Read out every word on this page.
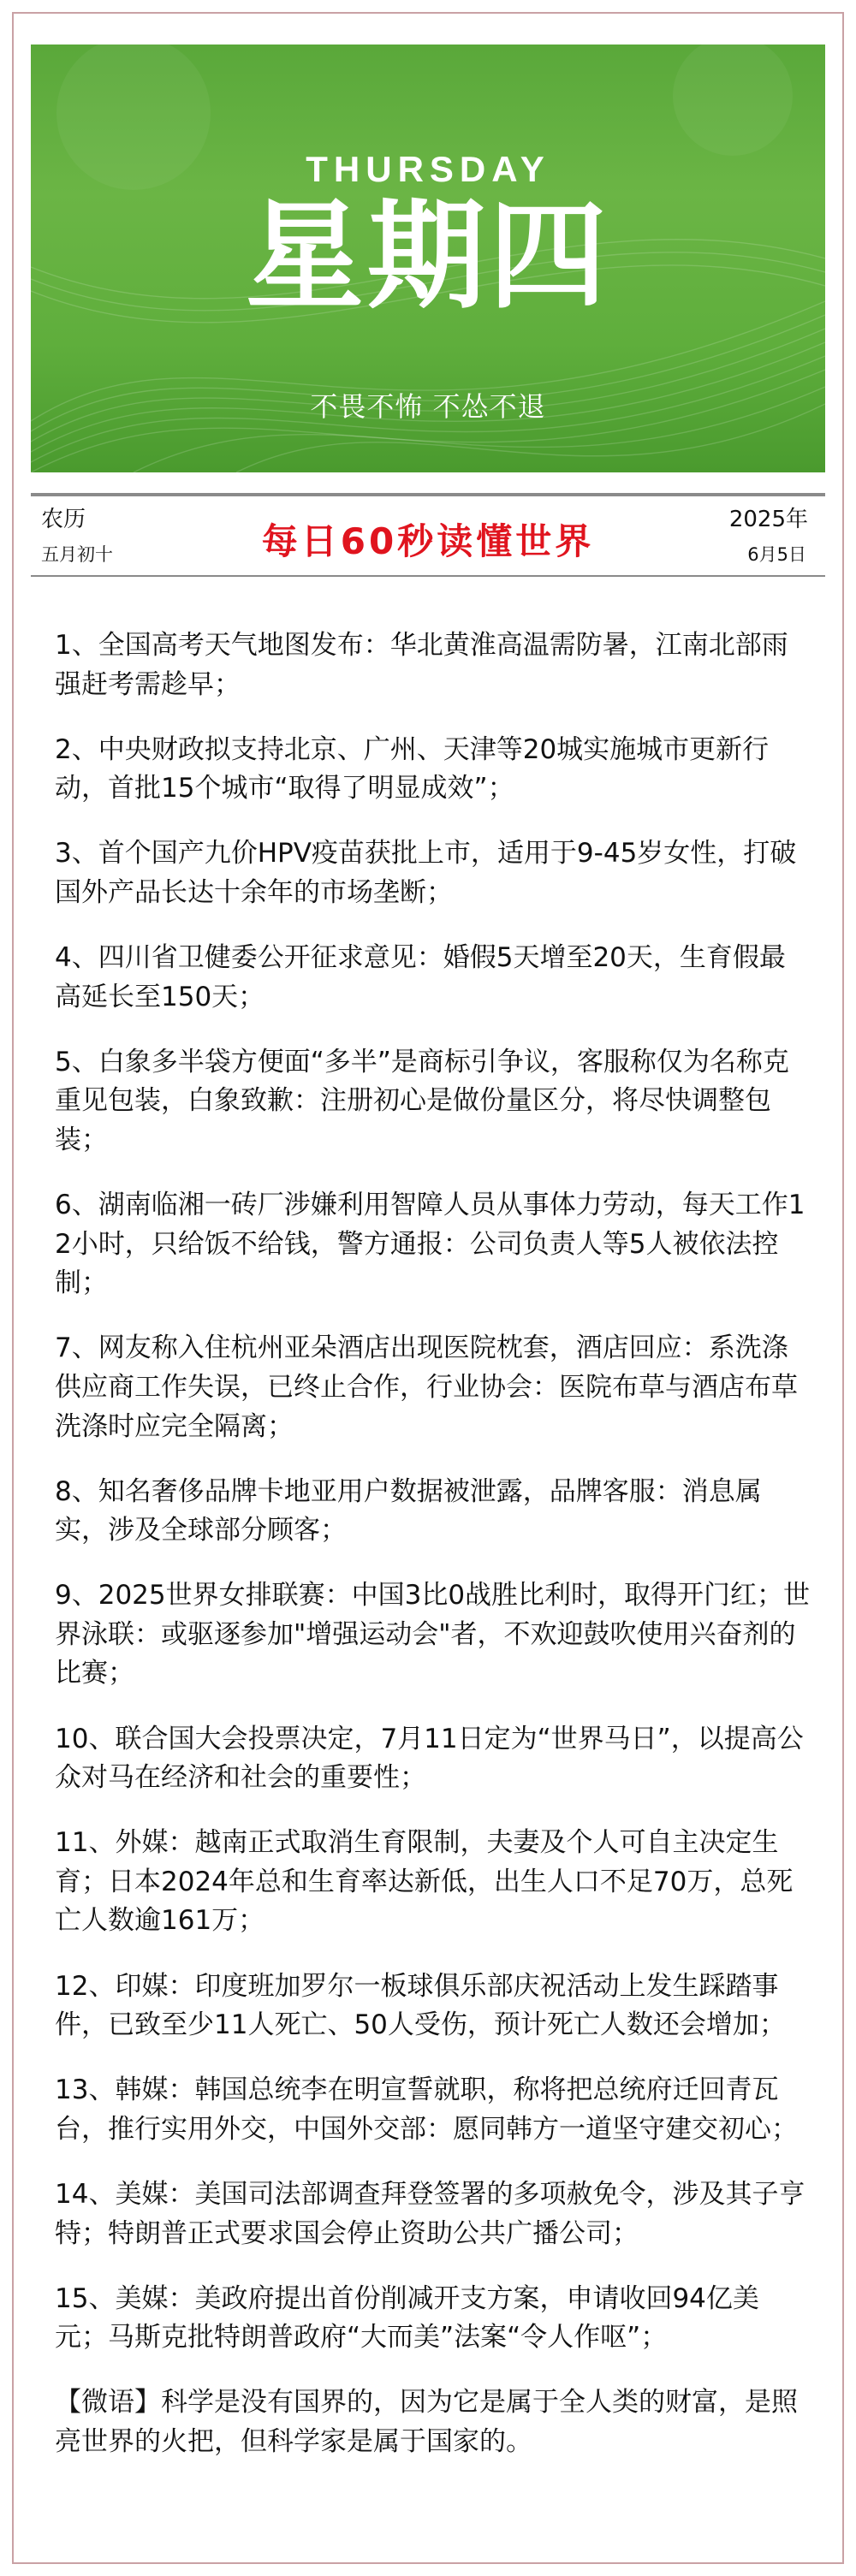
THURSDAY
星期四
不畏不怖 不怂不退
农历
五月初十	每日60秒读懂世界
2025年
6月5日

1、全国高考天气地图发布：华北黄淮高温需防暑，江南北部雨强赶考需趁早；

2、中央财政拟支持北京、广州、天津等20城实施城市更新行动，首批15个城市“取得了明显成效”；

3、首个国产九价HPV疫苗获批上市，适用于9-45岁女性，打破国外产品长达十余年的市场垄断；

4、四川省卫健委公开征求意见：婚假5天增至20天，生育假最高延长至150天；

5、白象多半袋方便面“多半”是商标引争议，客服称仅为名称克重见包装，白象致歉：注册初心是做份量区分，将尽快调整包装；

6、湖南临湘一砖厂涉嫌利用智障人员从事体力劳动，每天工作12小时，只给饭不给钱，警方通报：公司负责人等5人被依法控制；

7、网友称入住杭州亚朵酒店出现医院枕套，酒店回应：系洗涤供应商工作失误，已终止合作，行业协会：医院布草与酒店布草洗涤时应完全隔离；

8、知名奢侈品牌卡地亚用户数据被泄露，品牌客服：消息属实，涉及全球部分顾客；

9、2025世界女排联赛：中国3比0战胜比利时，取得开门红；世界泳联：或驱逐参加"增强运动会"者，不欢迎鼓吹使用兴奋剂的比赛；

10、联合国大会投票决定，7月11日定为“世界马日”，以提高公众对马在经济和社会的重要性；

11、外媒：越南正式取消生育限制，夫妻及个人可自主决定生育；日本2024年总和生育率达新低，出生人口不足70万，总死亡人数逾161万；

12、印媒：印度班加罗尔一板球俱乐部庆祝活动上发生踩踏事件，已致至少11人死亡、50人受伤，预计死亡人数还会增加；

13、韩媒：韩国总统李在明宣誓就职，称将把总统府迁回青瓦台，推行实用外交，中国外交部：愿同韩方一道坚守建交初心；

14、美媒：美国司法部调查拜登签署的多项赦免令，涉及其子亨特；特朗普正式要求国会停止资助公共广播公司；

15、美媒：美政府提出首份削减开支方案，申请收回94亿美元；马斯克批特朗普政府“大而美”法案“令人作呕”；

【微语】科学是没有国界的，因为它是属于全人类的财富，是照亮世界的火把，但科学家是属于国家的。
